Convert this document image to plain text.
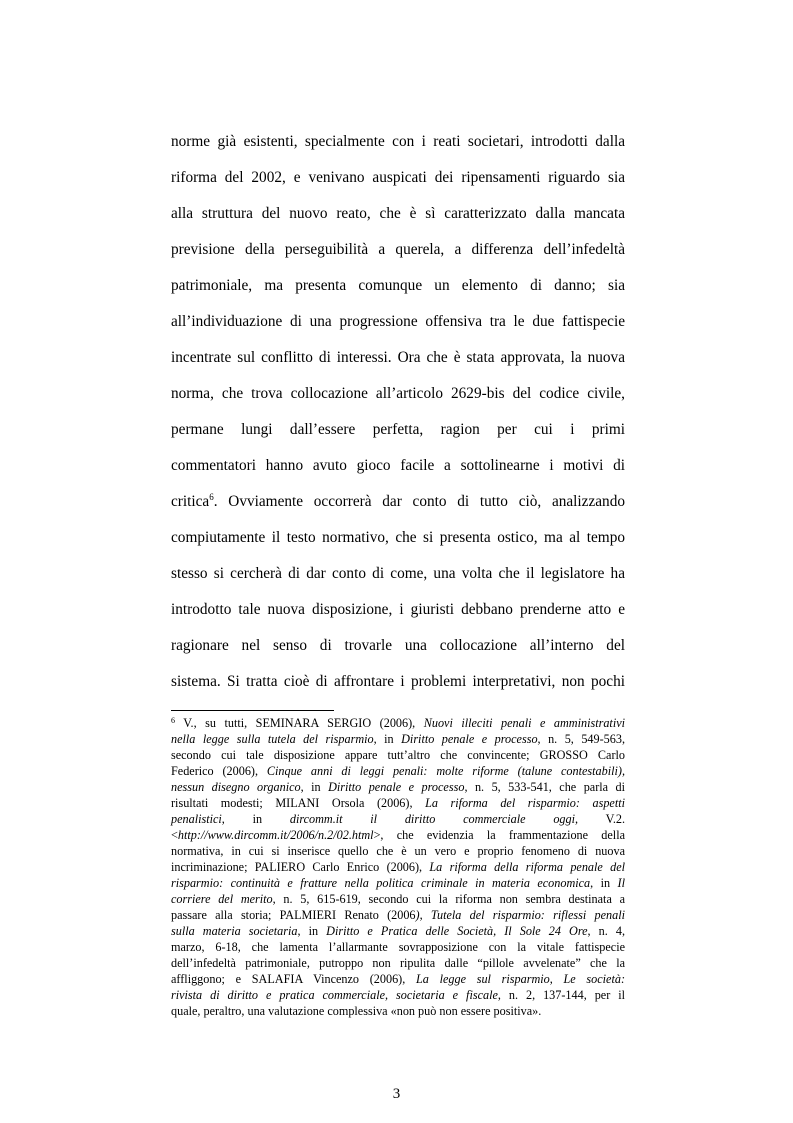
norme già esistenti, specialmente con i reati societari, introdotti dalla
riforma del 2002, e venivano auspicati dei ripensamenti riguardo sia
alla struttura del nuovo reato, che è sì caratterizzato dalla mancata
previsione della perseguibilità a querela, a differenza dell’infedeltà
patrimoniale, ma presenta comunque un elemento di danno; sia
all’individuazione di una progressione offensiva tra le due fattispecie
incentrate sul conflitto di interessi. Ora che è stata approvata, la nuova
norma, che trova collocazione all’articolo 2629-bis del codice civile,
permane lungi dall’essere perfetta, ragion per cui i primi
commentatori hanno avuto gioco facile a sottolinearne i motivi di
critica$^6$. Ovviamente occorrerà dar conto di tutto ciò, analizzando
compiutamente il testo normativo, che si presenta ostico, ma al tempo
stesso si cercherà di dar conto di come, una volta che il legislatore ha
introdotto tale nuova disposizione, i giuristi debbano prenderne atto e
ragionare nel senso di trovarle una collocazione all’interno del
sistema. Si tratta cioè di affrontare i problemi interpretativi, non pochi
$^6$ V., su tutti, SEMINARA SERGIO (2006), Nuovi illeciti penali e amministrativi
nella legge sulla tutela del risparmio, in Diritto penale e processo, n. 5, 549-563,
secondo cui tale disposizione appare tutt’altro che convincente; GROSSO Carlo
Federico (2006), Cinque anni di leggi penali: molte riforme (talune contestabili),
nessun disegno organico, in Diritto penale e processo, n. 5, 533-541, che parla di
risultati modesti; MILANI Orsola (2006), La riforma del risparmio: aspetti
penalistici, in dircomm.it il diritto commerciale oggi, V.2.
<http://www.dircomm.it/2006/n.2/02.html>, che evidenzia la frammentazione della
normativa, in cui si inserisce quello che è un vero e proprio fenomeno di nuova
incriminazione; PALIERO Carlo Enrico (2006), La riforma della riforma penale del
risparmio: continuità e fratture nella politica criminale in materia economica, in Il
corriere del merito, n. 5, 615-619, secondo cui la riforma non sembra destinata a
passare alla storia; PALMIERI Renato (2006), Tutela del risparmio: riflessi penali
sulla materia societaria, in Diritto e Pratica delle Società, Il Sole 24 Ore, n. 4,
marzo, 6-18, che lamenta l’allarmante sovrapposizione con la vitale fattispecie
dell’infedeltà patrimoniale, putroppo non ripulita dalle “pillole avvelenate” che la
affliggono; e SALAFIA Vincenzo (2006), La legge sul risparmio, Le società:
rivista di diritto e pratica commerciale, societaria e fiscale, n. 2, 137-144, per il
quale, peraltro, una valutazione complessiva «non può non essere positiva».
3
